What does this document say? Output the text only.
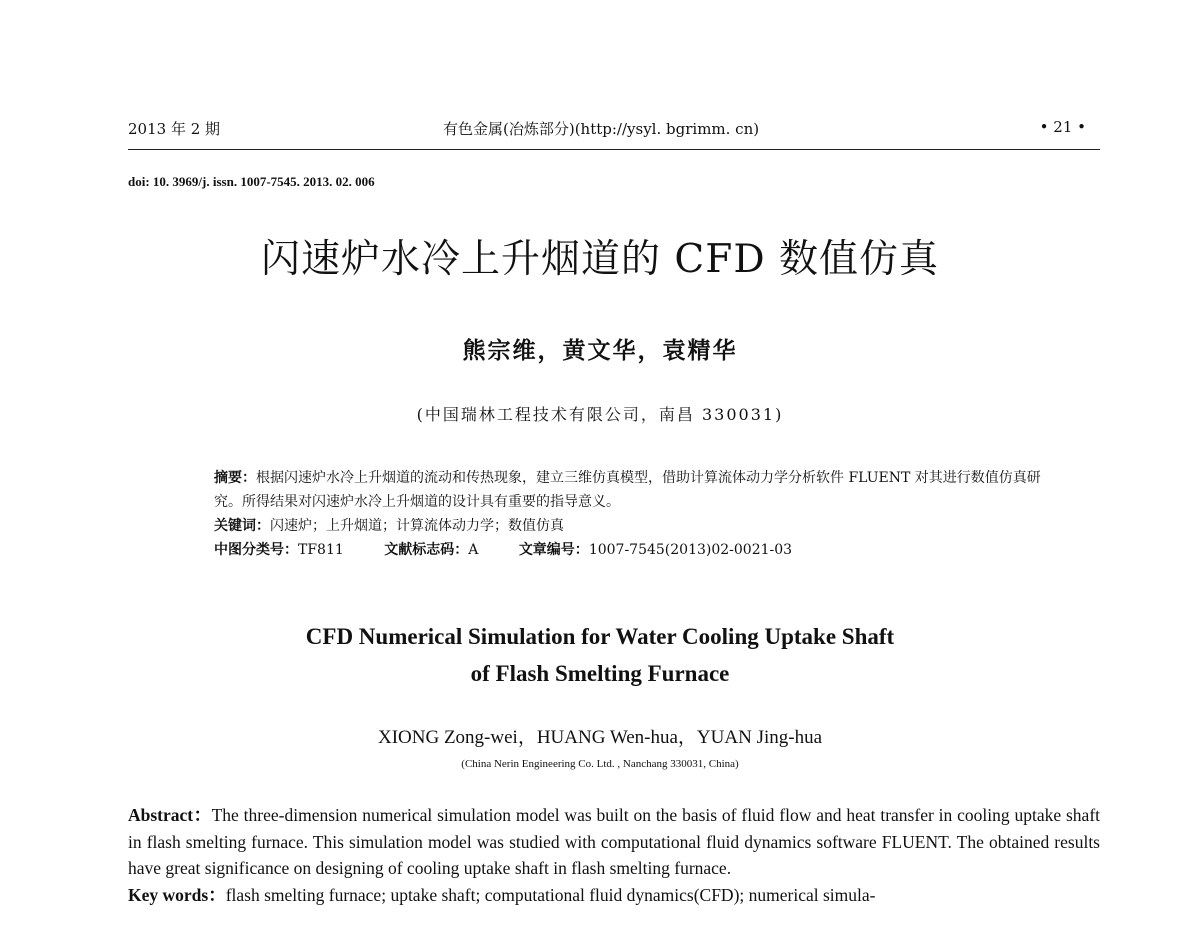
2013 年 2 期	有色金属(冶炼部分)(http://ysyl. bgrimm. cn)	• 21 •
doi: 10. 3969/j. issn. 1007-7545. 2013. 02. 006
闪速炉水冷上升烟道的 CFD 数值仿真
熊宗维，黄文华，袁精华
(中国瑞林工程技术有限公司，南昌 330031)
摘要：根据闪速炉水冷上升烟道的流动和传热现象，建立三维仿真模型，借助计算流体动力学分析软件 FLUENT 对其进行数值仿真研究。所得结果对闪速炉水冷上升烟道的设计具有重要的指导意义。
关键词：闪速炉；上升烟道；计算流体动力学；数值仿真
中图分类号：TF811	文献标志码：A	文章编号：1007-7545(2013)02-0021-03
CFD Numerical Simulation for Water Cooling Uptake Shaft
of Flash Smelting Furnace
XIONG Zong-wei，HUANG Wen-hua，YUAN Jing-hua
(China Nerin Engineering Co. Ltd. , Nanchang 330031, China)
Abstract：The three-dimension numerical simulation model was built on the basis of fluid flow and heat transfer in cooling uptake shaft in flash smelting furnace. This simulation model was studied with computational fluid dynamics software FLUENT. The obtained results have great significance on designing of cooling uptake shaft in flash smelting furnace.
Key words：flash smelting furnace; uptake shaft; computational fluid dynamics(CFD); numerical simula-
